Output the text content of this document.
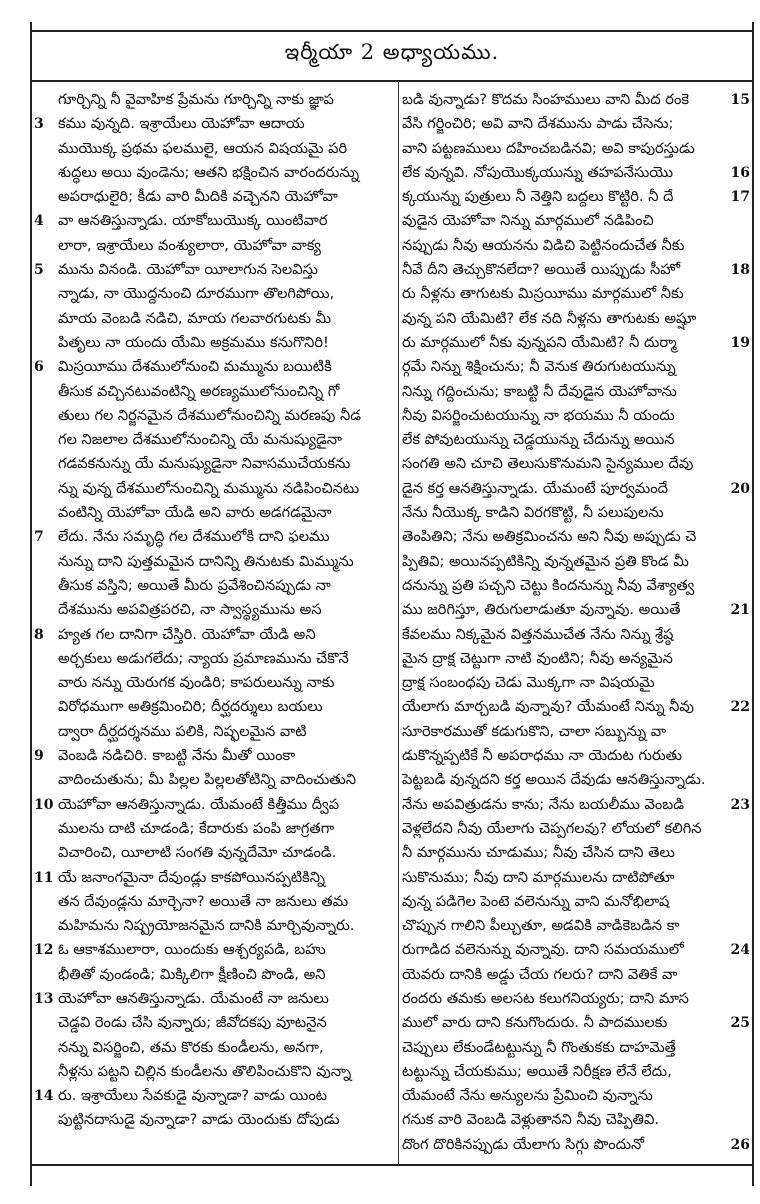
ఇర్మీయా 2 అధ్యాయము.
గూర్చిన్ని నీ వైవాహిక ప్రేమను గూర్చిన్ని నాకు జ్ఞాప
3 కము వున్నది. ఇశ్రాయేలు యెహోవా ఆదాయ
ముయొక్క ప్రథమ ఫలములై, ఆయన విషయమై పరి
శుద్ధలు అయి వుండెను; ఆతని భక్షించిన వారందరున్ను
అపరాధులైరి; కీడు వారి మీదికి వచ్చెనని యెహోవా
4 వా ఆనతిస్తున్నాడు. యాకోబుయొక్క యింటివార
లారా, ఇశ్రాయేలు వంశ్యులారా, యెహోవా వాక్య
5 మును వినండి. యెహోవా యీలాగున సెలవిస్తు
న్నాడు, నా యొద్దనుంచి దూరముగా తొలగిపోయి,
మాయ వెంబడి నడిచి, మాయ గలవారగుటకు మీ
పితృలు నా యందు యేమి అక్రమము కనుగొనిరి!
6 మిస్రయీము దేశములోనుంచి మమ్మును బయిటికి
తీసుక వచ్చినటువంటిన్ని అరణ్యములోనుంచిన్ని గో
తులు గల నిర్జనమైన దేశములోనుంచిన్ని మరణపు నీడ
గల నిజలాల దేశములోనుంచిన్ని యే మనుష్యుడైనా
గడవకనున్ను యే మనుష్యుడైనా నివాసముచేయకను
న్ను వున్న దేశములోనుంచిన్ని మమ్మును నడిపించినటు
వంటిన్ని యెహోవా యేడి అని వారు అడగడమైనా
7 లేదు. నేను సమృద్ధి గల దేశములోకి దాని ఫలము
నున్ను దాని పుత్తమమైన దానిన్ని తినుటకు మిమ్మును
తీసుక వస్తిని; అయితే మీరు ప్రవేశించినప్పుడు నా
దేశమును అపవిత్రపరచి, నా స్వాస్థ్యమును అస
8 హ్యత గల దానిగా చేస్తిరి. యెహోవా యేడి అని
అర్చకులు అడుగలేదు; న్యాయ ప్రమాణమును చేకొనే
వారు నన్ను యెరుగక వుండిరి; కాపరులున్ను నాకు
విరోధముగా అతిక్రమించిరి; దీర్ఘదర్శులు బయలు
ద్వారా దీర్ఘదర్శనము పలికి, నిష్ఫలమైన వాటి
9 వెంబడి నడిచిరి. కాబట్టి నేను మీతో యింకా
వాదించుతును; మీ పిల్లల పిల్లలతోటిన్ని వాదించుతుని
10 యెహోవా ఆనతిస్తున్నాడు. యేమంటే కిత్తీము ద్వీప
ములను దాటి చూడండి; కేదారుకు పంపి జాగ్రతగా
విచారించి, యీలాటి సంగతి వున్నదేమో చూడండి.
11 యే జనాంగమైనా దేవుండ్లు కాకపోయినప్పటికిన్ని
తన దేవుండ్లను మార్చెనా? అయితే నా జనులు తమ
మహిమను నిష్ప్రయోజనమైన దానికి మార్చివున్నారు.
12 ఓ ఆకాశములారా, యిందుకు ఆశ్చర్యపడి, బహు
భీతితో వుండండి; మిక్కిలిగా క్షీణించి పొండి, అని
13 యెహోవా ఆనతిస్తున్నాడు. యేమంటే నా జనులు
చెడ్డవి రెండు చేసి వున్నారు; జీవోదకపు వూటనైన
నన్ను విసర్జించి, తమ కొరకు కుండీలను, అనగా,
నీళ్లను పట్టని చిల్లిన కుండీలను తొలిపించుకొని వున్నా
14 రు. ఇశ్రాయేలు సేవకుడై వున్నాడా? వాడు యింట
పుట్టినదాసుడై వున్నాడా? వాడు యెందుకు దోపుడు
15
బడి వున్నాడు? కొదమ సింహములు వాని మీద రంకె
వేసి గర్జించిరి; అవి వాని దేశమును పాడు చేసెను;
వాని పట్టణములు దహించబడినవి; అవి కాపురస్తుడు
16
లేక వున్నవి. నోపుయొక్కయున్ను తహపనేసుయొ
17
క్కయున్ను పుత్రులు నీ నెత్తిని బద్దలు కొట్టిరి. నీ దే
వుడైన యెహోవా నిన్ను మార్గములో నడిపించి
నప్పుడు నీవు ఆయనను విడిచి పెట్టినందుచేత నీకు
18
నీవే దీని తెచ్చుకొనలేదా? అయితే యిప్పుడు సీహో
రు నీళ్లను తాగుటకు మిస్రయీము మార్గములో నీకు
వున్న పని యేమిటి? లేక నది నీళ్లను తాగుటకు అష్షూ
19
రు మార్గములో నీకు వున్నపని యేమిటి? నీ దుర్మా
ర్గమే నిన్ను శిక్షించును; నీ వెనుక తిరుగుటయున్ను
నిన్ను గద్దించును; కాబట్టి నీ దేవుడైన యెహోవాను
నీవు విసర్జించుటయున్ను నా భయము నీ యందు
లేక పోవుటయున్ను చెడ్డయున్ను చేదున్ను అయిన
సంగతి అని చూచి తెలుసుకొనుమని సైన్యముల దేవు
20
డైన కర్త ఆనతిస్తున్నాడు. యేమంటే పూర్వమందే
నేను నీయొక్క కాడిని విరగకొట్టి, నీ పలుపులను
తెంపితిని; నేను అతిక్రమించను అని నీవు అప్పుడు చె
ప్పితివి; అయినప్పటికిన్ని వున్నతమైన ప్రతి కొండ మీ
దనున్ను ప్రతి పచ్చని చెట్టు కిందనున్ను నీవు వేశ్యాత్వ
21
ము జరిగిస్తూ, తిరుగులాడుతూ వున్నావు. అయితే
కేవలము నిక్కమైన విత్తనముచేత నేను నిన్ను శ్రేష్ఠ
మైన ద్రాక్ష చెట్టుగా నాటి వుంటిని; నీవు అన్యమైన
ద్రాక్ష సంబంధపు చెడు మొక్కగా నా విషయమై
22
యేలాగు మార్చబడి వున్నావు? యేమంటే నిన్ను నీవు
సూరెకారముతో కడుగుకొని, చాలా సబ్బున్ను వా
డుకొన్నప్పటికే నీ అపరాధము నా యెదుట గురుతు
పెట్టబడి వున్నదని కర్త అయిన దేవుడు ఆనతిస్తున్నాడు.
23
నేను అపవిత్రుడను కాను; నేను బయలీము వెంబడి
వెళ్లలేదని నీవు యేలాగు చెప్పగలవు? లోయలో కలిగిన
నీ మార్గమును చూడుము; నీవు చేసిన దాని తెలు
సుకొనుము; నీవు దాని మార్గములను దాటిపోతూ
వున్న పడిగెల పెంటె వలెనున్ను వాని మనోభిలాష
చొప్పున గాలిని పీల్చుతూ, అడవికి వాడికెబడిన కా
24
రుగాడిద వలెనున్ను వున్నావు. దాని సమయములో
యెవరు దానికి అడ్డు చేయ గలరు? దాని వెతికే వా
రందరు తమకు అలసట కలుగనియ్యరు; దాని మాస
25
ములో వారు దాని కనుగొందురు. నీ పాదములకు
చెప్పులు లేకుండేటట్టున్ను నీ గొంతుకకు దాహమెత్తే
టట్టున్ను చేయకుము; అయితే నిరీక్షణ లేనే లేదు,
యేమంటే నేను అన్యులను ప్రేమించి వున్నాను
గనుక వారి వెంబడి వెళ్లుతానని నీవు చెప్పితివి.
26
దొంగ దొరికినప్పుడు యేలాగు సిగ్గు పొందునో
